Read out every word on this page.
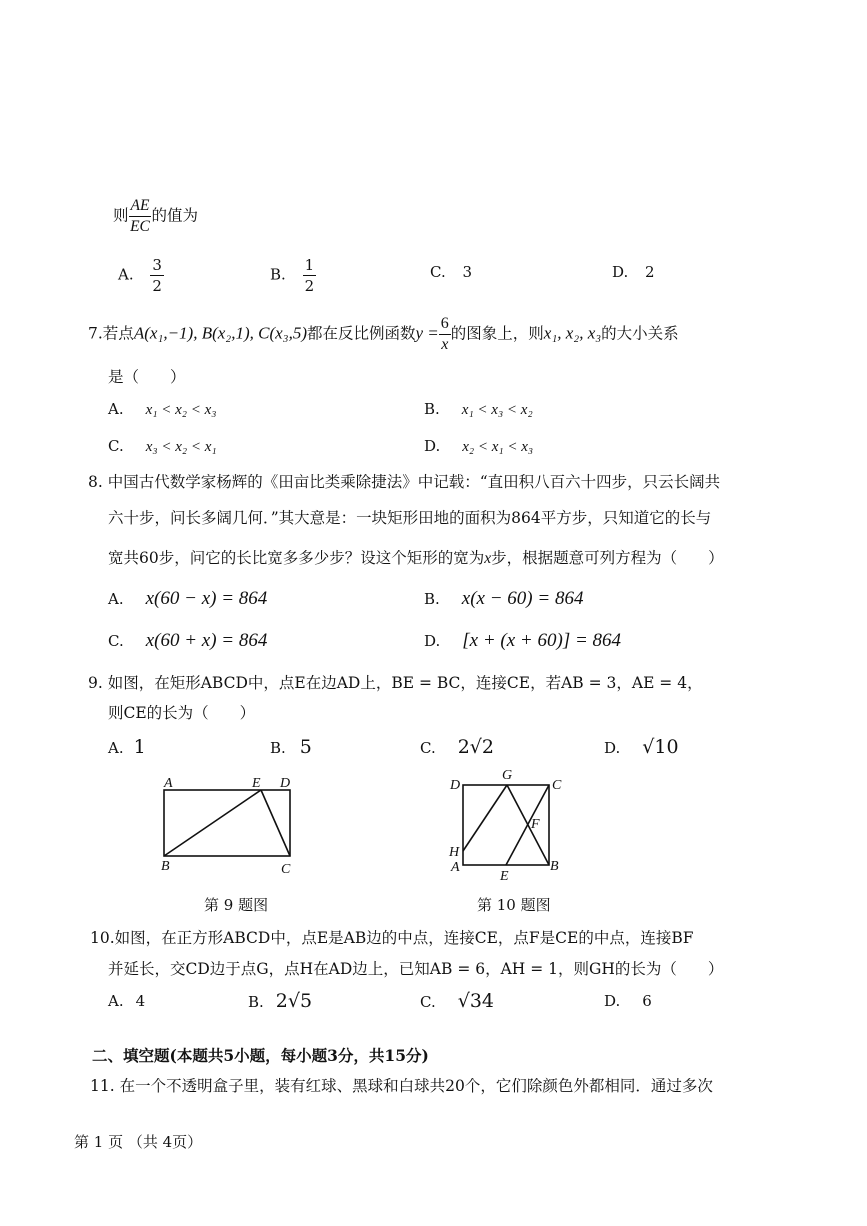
则 $\frac{AE}{EC}$ 的值为
A. $\frac{3}{2}$	B. $\frac{1}{2}$	C. 3	D. 2
7.若点A(x₁,−1), B(x₂,1), C(x₃,5)都在反比例函数$y = \frac{6}{x}$ 的图象上，则x₁, x₂, x₃的大小关系
是（　　）
A. x₁ < x₂ < x₃	B. x₁ < x₃ < x₂
C. x₃ < x₂ < x₁	D. x₂ < x₁ < x₃
8. 中国古代数学家杨辉的《田亩比类乘除捷法》中记载：“直田积八百六十四步，只云长阔共
六十步，问长多阔几何．”其大意是：一块矩形田地的面积为864平方步，只知道它的长与
宽共60步，问它的长比宽多多少步？设这个矩形的宽为x步，根据题意可列方程为（　　）
A. x(60 − x) = 864	B. x(x − 60) = 864
C. x(60 + x) = 864	D. [x + (x + 60)] = 864
9. 如图，在矩形ABCD中，点E在边AD上，BE = BC，连接CE，若AB = 3，AE = 4，
则CE的长为（　　）
A. 1	B. 5	C. 2√2	D. √10
A	E D
B	C
第 9 题图
D
G
C
F
H
A
E
B
第 10 题图
10.如图，在正方形ABCD中，点E是AB边的中点，连接CE，点F是CE的中点，连接BF
并延长，交CD边于点G，点H在AD边上，已知AB = 6，AH = 1，则GH的长为（　　）
A. 4	B. 2√5	C. √34	D. 6
二、填空题(本题共5小题，每小题3分，共15分)
11. 在一个不透明盒子里，装有红球、黑球和白球共20个，它们除颜色外都相同．通过多次
第 1 页 （共 4页）
